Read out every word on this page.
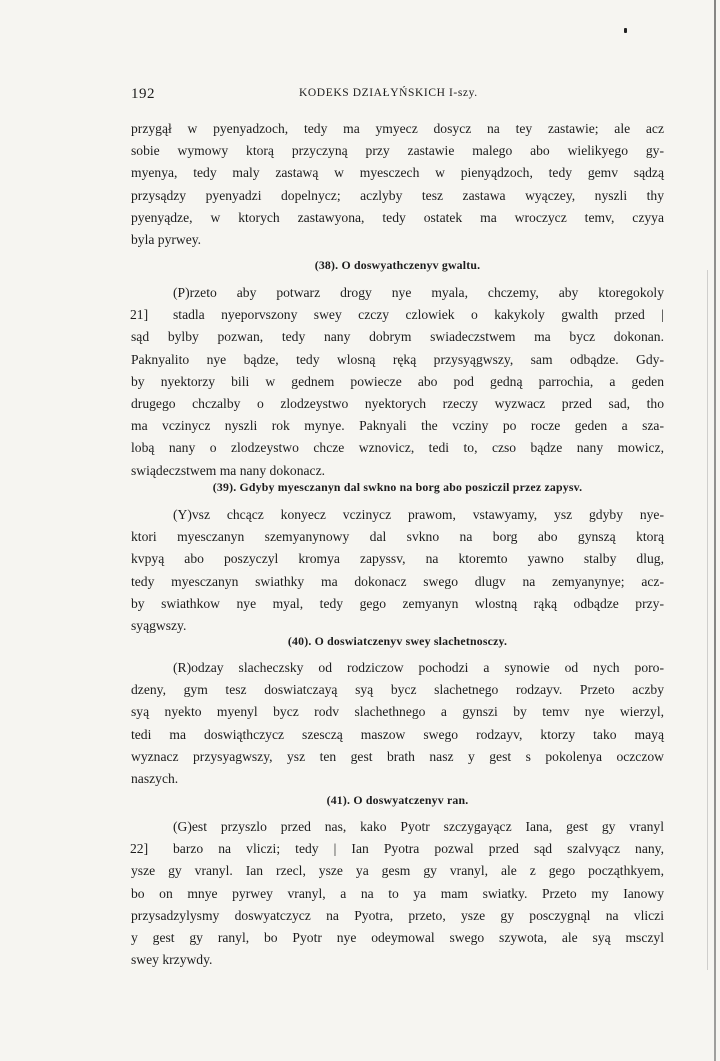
192	KODEKS DZIAŁYŃSKICH I-szy.
przygął w pyenyadzoch, tedy ma ymyecz dosycz na tey zastawie; ale acz
sobie wymowy ktorą przyczyną przy zastawie malego abo wielikyego gy-
myenya, tedy maly zastawą w myesczech w pienyądzoch, tedy gemv sądzą
przysądzy pyenyadzi dopelnycz; aczlyby tesz zastawa wyączey, nyszli thy
pyenyądze, w ktorych zastawyona, tedy ostatek ma wroczycz temv, czyya
byla pyrwey.
(38). O doswyathczenyv gwaltu.
(P)rzeto aby potwarz drogy nye myala, chczemy, aby ktoregokoly
stadla nyeporvszony swey czczy czlowiek o kakykoly gwalth przed |
sąd bylby pozwan, tedy nany dobrym swiadeczstwem ma bycz dokonan.
Paknyalito nye bądze, tedy wlosną ręką przysyągwszy, sam odbądze. Gdy-
by nyektorzy bili w gednem powiecze abo pod gedną parrochia, a geden
drugego chczalby o zlodzeystwo nyektorych rzeczy wyzwacz przed sad, tho
ma vczinycz nyszli rok mynye. Paknyali the vcziny po rocze geden a sza-
lobą nany o zlodzeystwo chcze wznovicz, tedi to, czso bądze nany mowicz,
swiądeczstwem ma nany dokonacz.
21]
(39). Gdyby myesczanyn dal swkno na borg abo posziczil przez zapysv.
(Y)vsz chcącz konyecz vczinycz prawom, vstawyamy, ysz gdyby nye-
ktori myesczanyn szemyanynowy dal svkno na borg abo gynszą ktorą
kvpyą abo poszyczyl kromya zapyssv, na ktoremto yawno stalby dlug,
tedy myesczanyn swiathky ma dokonacz swego dlugv na zemyanynye; acz-
by swiathkow nye myal, tedy gego zemyanyn wlostną rąką odbądze przy-
syągwszy.
(40). O doswiatczenyv swey slachetnosczy.
(R)odzay slacheczsky od rodziczow pochodzi a synowie od nych poro-
dzeny, gym tesz doswiatczayą syą bycz slachetnego rodzayv. Przeto aczby
syą nyekto myenyl bycz rodv slachethnego a gynszi by temv nye wierzyl,
tedi ma doswiąthczycz szesczą maszow swego rodzayv, ktorzy tako mayą
wyznacz przysyagwszy, ysz ten gest brath nasz y gest s pokolenya oczczow
naszych.
(41). O doswyatczenyv ran.
(G)est przyszlo przed nas, kako Pyotr szczygayącz Iana, gest gy vranyl
barzo na vliczi; tedy | Ian Pyotra pozwal przed sąd szalvyącz nany,
ysze gy vranyl. Ian rzecl, ysze ya gesm gy vranyl, ale z gego począthkyem,
bo on mnye pyrwey vranyl, a na to ya mam swiatky. Przeto my Ianowy
przysadzylysmy doswyatczycz na Pyotra, przeto, ysze gy posczygnąl na vliczi
y gest gy ranyl, bo Pyotr nye odeymowal swego szywota, ale syą msczyl
swey krzywdy.
22]
